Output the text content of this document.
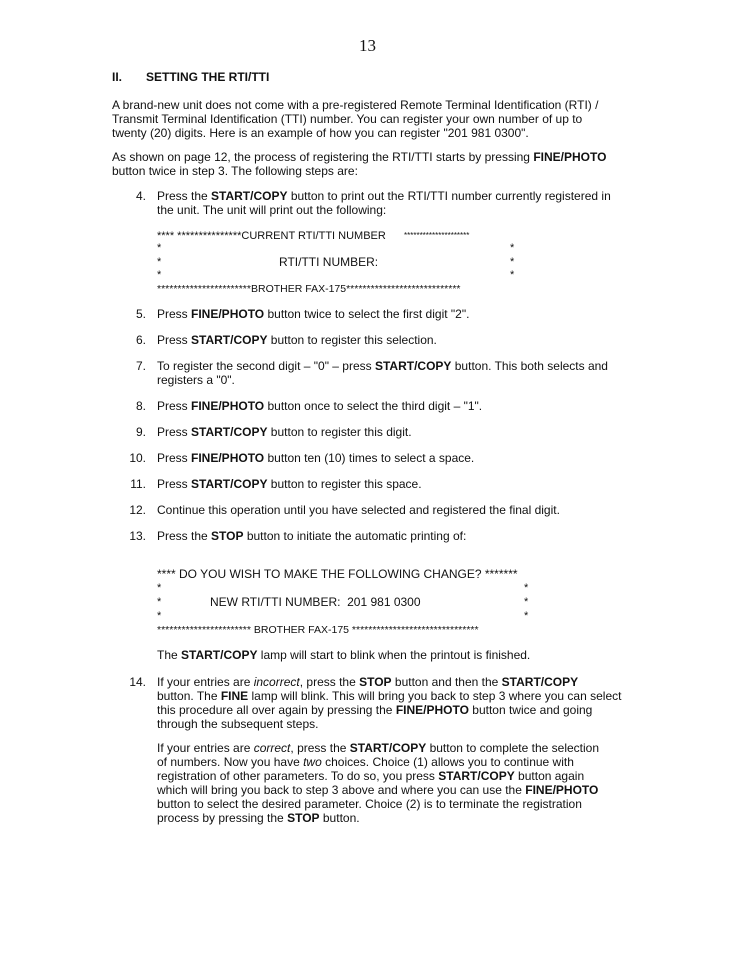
13
II. SETTING THE RTI/TTI
A brand-new unit does not come with a pre-registered Remote Terminal Identification (RTI) /
Transmit Terminal Identification (TTI) number. You can register your own number of up to
twenty (20) digits. Here is an example of how you can register "201 981 0300".
As shown on page 12, the process of registering the RTI/TTI starts by pressing FINE/PHOTO
button twice in step 3. The following steps are:
4. Press the START/COPY button to print out the RTI/TTI number currently registered in
the unit. The unit will print out the following:
**** ***************CURRENT RTI/TTI NUMBER *********************
*	*
*	RTI/TTI NUMBER:	*
*	*
***********************BROTHER FAX-175****************************
5. Press FINE/PHOTO button twice to select the first digit "2".
6. Press START/COPY button to register this selection.
7. To register the second digit – "0" – press START/COPY button. This both selects and
registers a "0".
8. Press FINE/PHOTO button once to select the third digit – "1".
9. Press START/COPY button to register this digit.
10. Press FINE/PHOTO button ten (10) times to select a space.
11. Press START/COPY button to register this space.
12. Continue this operation until you have selected and registered the final digit.
13. Press the STOP button to initiate the automatic printing of:
**** DO YOU WISH TO MAKE THE FOLLOWING CHANGE? *******
*	*
*	NEW RTI/TTI NUMBER:  201 981 0300	*
*	*
*********************** BROTHER FAX-175 *******************************
The START/COPY lamp will start to blink when the printout is finished.
14. If your entries are incorrect, press the STOP button and then the START/COPY
button. The FINE lamp will blink. This will bring you back to step 3 where you can select
this procedure all over again by pressing the FINE/PHOTO button twice and going
through the subsequent steps.
If your entries are correct, press the START/COPY button to complete the selection
of numbers. Now you have two choices. Choice (1) allows you to continue with
registration of other parameters. To do so, you press START/COPY button again
which will bring you back to step 3 above and where you can use the FINE/PHOTO
button to select the desired parameter. Choice (2) is to terminate the registration
process by pressing the STOP button.
